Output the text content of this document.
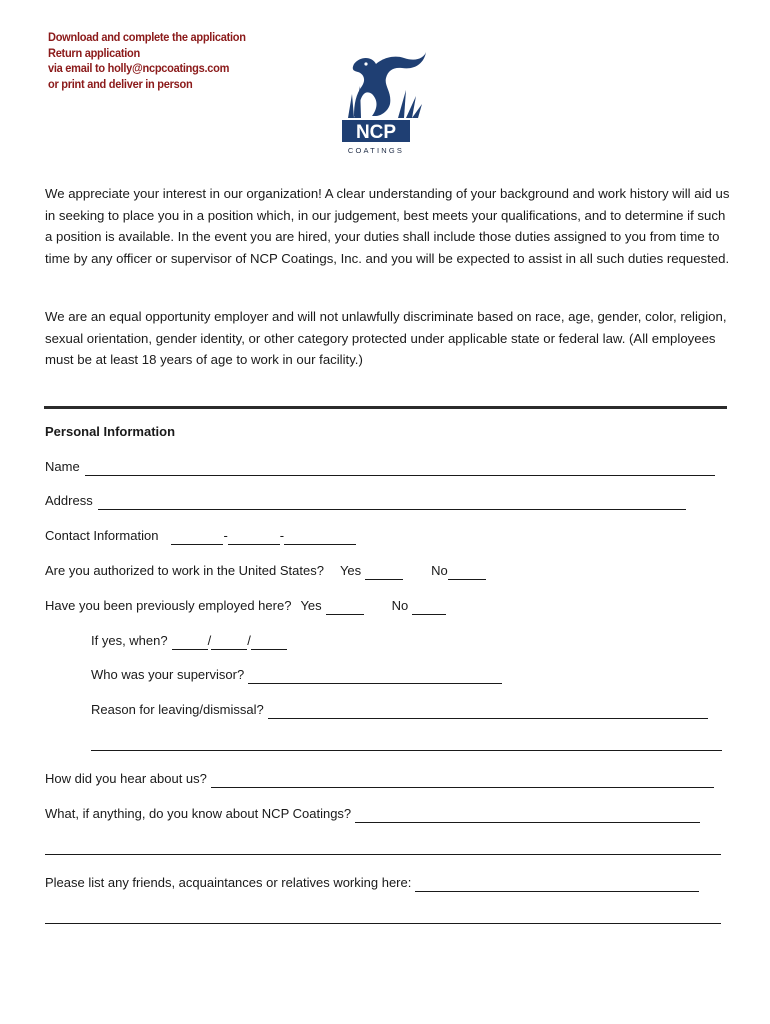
Download and complete the application
Return application
via email to holly@ncpcoatings.com
or print and deliver in person
NCP
COATINGS

We appreciate your interest in our organization! A clear understanding of your background and work history will aid us in seeking to place you in a position which, in our judgement, best meets your qualifications, and to determine if such a position is available. In the event you are hired, your duties shall include those duties assigned to you from time to time by any officer or supervisor of NCP Coatings, Inc. and you will be expected to assist in all such duties requested.

We are an equal opportunity employer and will not unlawfully discriminate based on race, age, gender, color, religion, sexual orientation, gender identity, or other category protected under applicable state or federal law. (All employees must be at least 18 years of age to work in our facility.)

Personal Information
Name
Address
Contact Information	-	-
Are you authorized to work in the United States? Yes	No
Have you been previously employed here? Yes	No
If yes, when?	/	/
Who was your supervisor?
Reason for leaving/dismissal?
How did you hear about us?
What, if anything, do you know about NCP Coatings?
Please list any friends, acquaintances or relatives working here:
